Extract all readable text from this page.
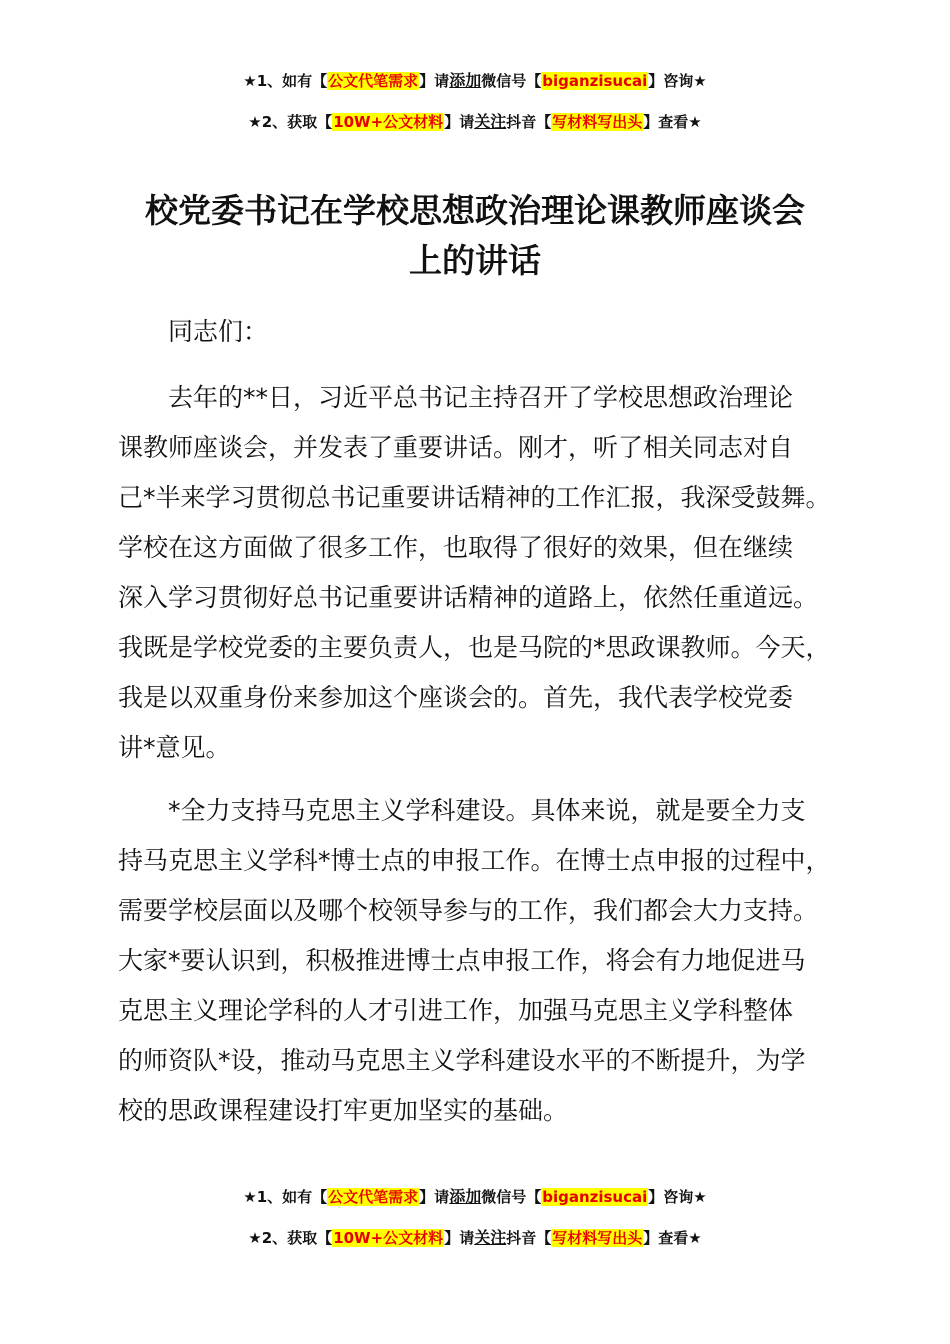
★1、如有【公文代笔需求】请添加微信号【biganzisucai】咨询★
★2、获取【10W+公文材料】请关注抖音【写材料写出头】查看★
校党委书记在学校思想政治理论课教师座谈会
上的讲话
同志们：
　　去年的**日，习近平总书记主持召开了学校思想政治理论
课教师座谈会，并发表了重要讲话。刚才，听了相关同志对自
己*半来学习贯彻总书记重要讲话精神的工作汇报，我深受鼓舞。
学校在这方面做了很多工作，也取得了很好的效果，但在继续
深入学习贯彻好总书记重要讲话精神的道路上，依然任重道远。
我既是学校党委的主要负责人，也是马院的*思政课教师。今天，
我是以双重身份来参加这个座谈会的。首先，我代表学校党委
讲*意见。
　　*全力支持马克思主义学科建设。具体来说，就是要全力支
持马克思主义学科*博士点的申报工作。在博士点申报的过程中，
需要学校层面以及哪个校领导参与的工作，我们都会大力支持。
大家*要认识到，积极推进博士点申报工作，将会有力地促进马
克思主义理论学科的人才引进工作，加强马克思主义学科整体
的师资队*设，推动马克思主义学科建设水平的不断提升，为学
校的思政课程建设打牢更加坚实的基础。
★1、如有【公文代笔需求】请添加微信号【biganzisucai】咨询★
★2、获取【10W+公文材料】请关注抖音【写材料写出头】查看★
